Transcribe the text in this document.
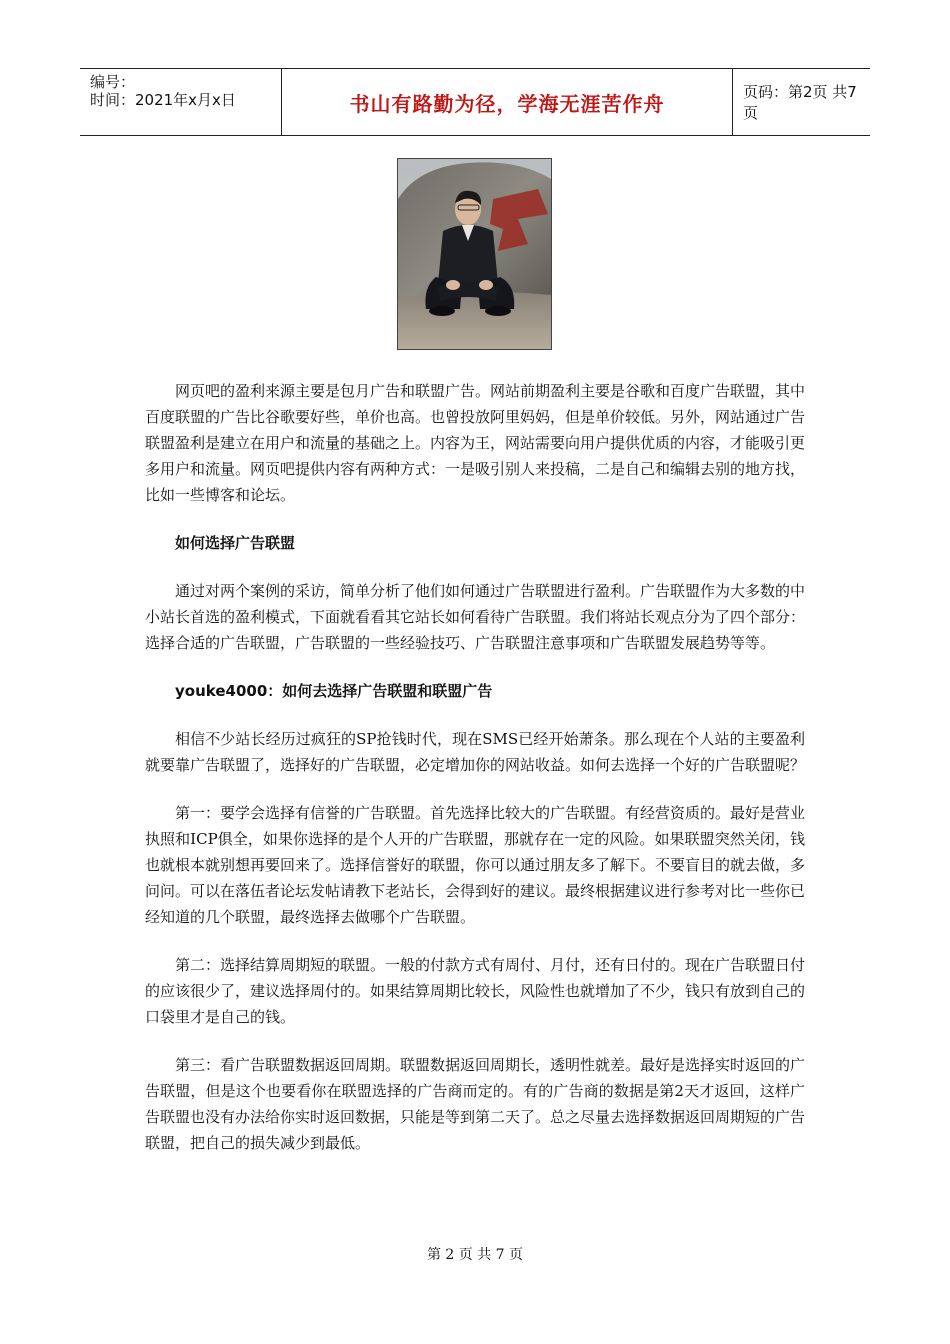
编号：
时间：2021年x月x日	书山有路勤为径，学海无涯苦作舟	页码：第2页 共7页

网页吧的盈利来源主要是包月广告和联盟广告。网站前期盈利主要是谷歌和百度广告联盟，其中百度联盟的广告比谷歌要好些，单价也高。也曾投放阿里妈妈，但是单价较低。另外，网站通过广告联盟盈利是建立在用户和流量的基础之上。内容为王，网站需要向用户提供优质的内容，才能吸引更多用户和流量。网页吧提供内容有两种方式：一是吸引别人来投稿，二是自己和编辑去别的地方找，比如一些博客和论坛。

如何选择广告联盟

通过对两个案例的采访，简单分析了他们如何通过广告联盟进行盈利。广告联盟作为大多数的中小站长首选的盈利模式，下面就看看其它站长如何看待广告联盟。我们将站长观点分为了四个部分：选择合适的广告联盟，广告联盟的一些经验技巧、广告联盟注意事项和广告联盟发展趋势等等。

youke4000：如何去选择广告联盟和联盟广告

相信不少站长经历过疯狂的SP抢钱时代，现在SMS已经开始萧条。那么现在个人站的主要盈利就要靠广告联盟了，选择好的广告联盟，必定增加你的网站收益。如何去选择一个好的广告联盟呢？

第一：要学会选择有信誉的广告联盟。首先选择比较大的广告联盟。有经营资质的。最好是营业执照和ICP俱全，如果你选择的是个人开的广告联盟，那就存在一定的风险。如果联盟突然关闭，钱也就根本就别想再要回来了。选择信誉好的联盟，你可以通过朋友多了解下。不要盲目的就去做，多问问。可以在落伍者论坛发帖请教下老站长，会得到好的建议。最终根据建议进行参考对比一些你已经知道的几个联盟，最终选择去做哪个广告联盟。

第二：选择结算周期短的联盟。一般的付款方式有周付、月付，还有日付的。现在广告联盟日付的应该很少了，建议选择周付的。如果结算周期比较长，风险性也就增加了不少，钱只有放到自己的口袋里才是自己的钱。

第三：看广告联盟数据返回周期。联盟数据返回周期长，透明性就差。最好是选择实时返回的广告联盟，但是这个也要看你在联盟选择的广告商而定的。有的广告商的数据是第2天才返回，这样广告联盟也没有办法给你实时返回数据，只能是等到第二天了。总之尽量去选择数据返回周期短的广告联盟，把自己的损失减少到最低。

第 2 页 共 7 页
